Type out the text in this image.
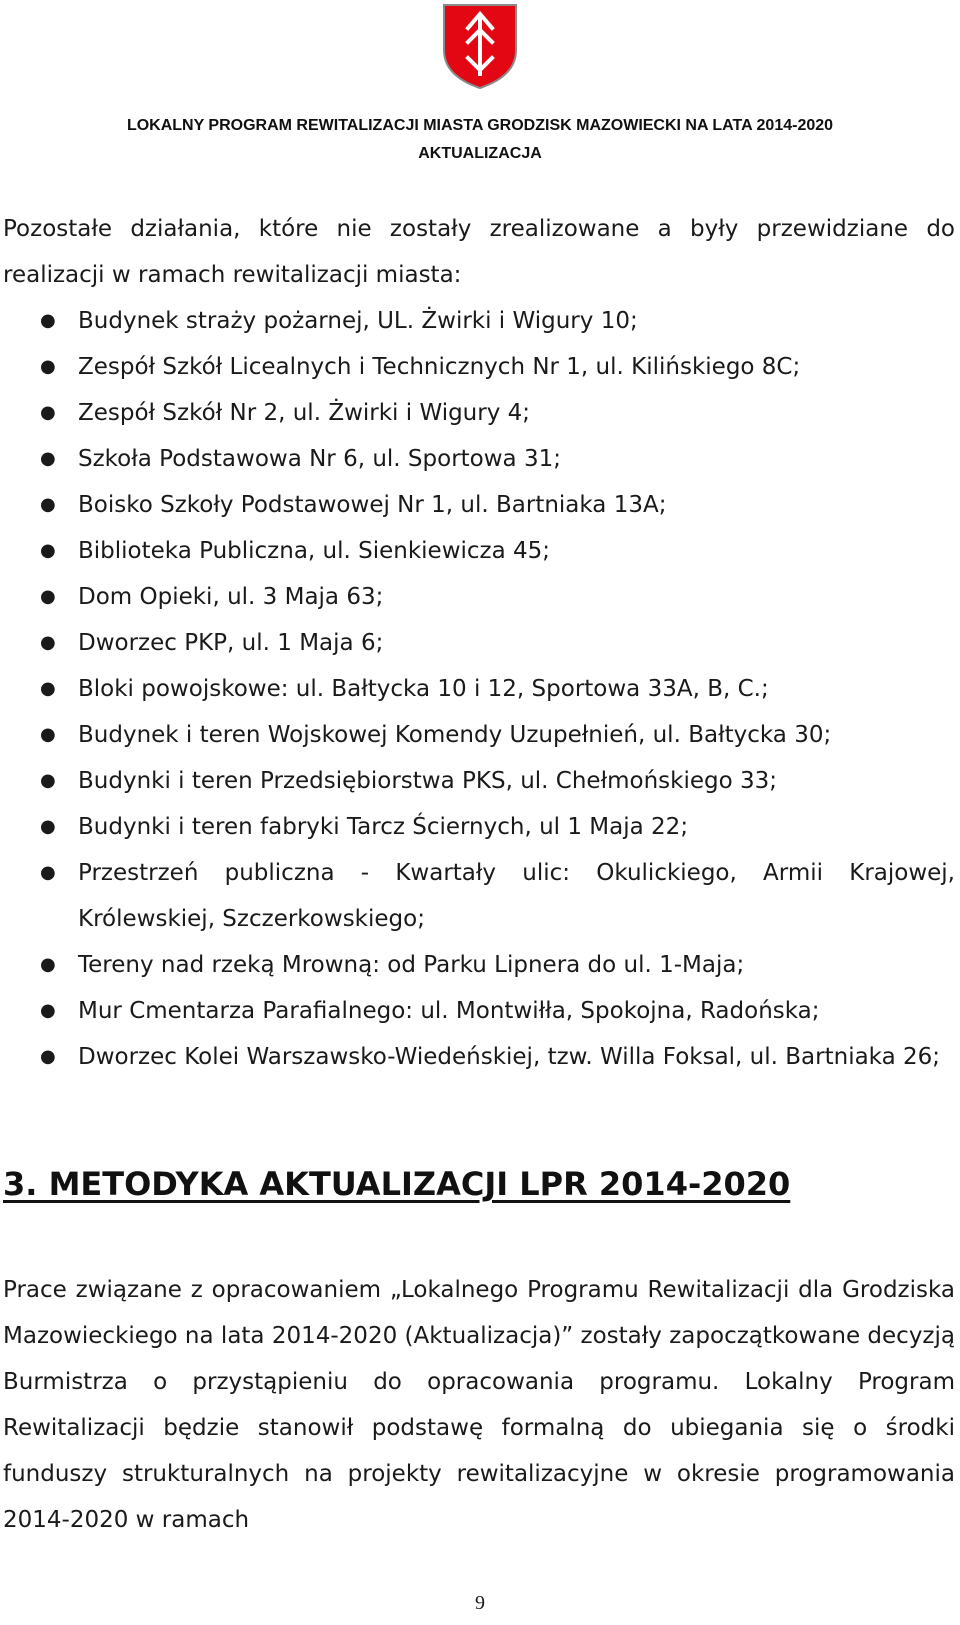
LOKALNY PROGRAM REWITALIZACJI MIASTA GRODZISK MAZOWIECKI NA LATA 2014-2020
AKTUALIZACJA

Pozostałe działania, które nie zostały zrealizowane a były przewidziane do realizacji w ramach rewitalizacji miasta:

● Budynek straży pożarnej, UL. Żwirki i Wigury 10;
● Zespół Szkół Licealnych i Technicznych Nr 1, ul. Kilińskiego 8C;
● Zespół Szkół Nr 2, ul. Żwirki i Wigury 4;
● Szkoła Podstawowa Nr 6, ul. Sportowa 31;
● Boisko Szkoły Podstawowej Nr 1, ul. Bartniaka 13A;
● Biblioteka Publiczna, ul. Sienkiewicza 45;
● Dom Opieki, ul. 3 Maja 63;
● Dworzec PKP, ul. 1 Maja 6;
● Bloki powojskowe: ul. Bałtycka 10 i 12, Sportowa 33A, B, C.;
● Budynek i teren Wojskowej Komendy Uzupełnień, ul. Bałtycka 30;
● Budynki i teren Przedsiębiorstwa PKS, ul. Chełmońskiego 33;
● Budynki i teren fabryki Tarcz Ściernych, ul 1 Maja 22;
● Przestrzeń publiczna - Kwartały ulic: Okulickiego, Armii Krajowej, Królewskiej, Szczerkowskiego;
● Tereny nad rzeką Mrowną: od Parku Lipnera do ul. 1-Maja;
● Mur Cmentarza Parafialnego: ul. Montwiłła, Spokojna, Radońska;
● Dworzec Kolei Warszawsko-Wiedeńskiej, tzw. Willa Foksal, ul. Bartniaka 26;
3. METODYKA AKTUALIZACJI LPR 2014-2020

Prace związane z opracowaniem „Lokalnego Programu Rewitalizacji dla Grodziska Mazowieckiego na lata 2014-2020 (Aktualizacja)” zostały zapoczątkowane decyzją Burmistrza o przystąpieniu do opracowania programu. Lokalny Program Rewitalizacji będzie stanowił podstawę formalną do ubiegania się o środki funduszy strukturalnych na projekty rewitalizacyjne w okresie programowania 2014-2020 w ramach

9
